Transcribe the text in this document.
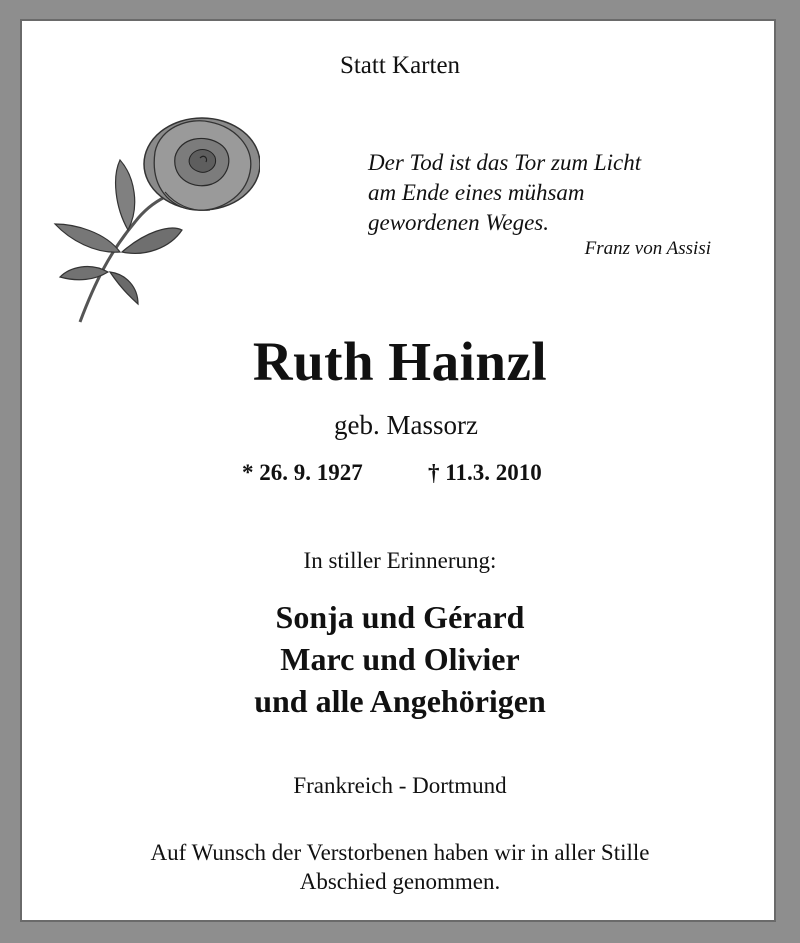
Statt Karten
Der Tod ist das Tor zum Licht
am Ende eines mühsam
gewordenen Weges.
Franz von Assisi
Ruth Hainzl
geb. Massorz
* 26. 9. 1927	† 11.3. 2010
In stiller Erinnerung:
Sonja und Gérard
Marc und Olivier
und alle Angehörigen
Frankreich - Dortmund
Auf Wunsch der Verstorbenen haben wir in aller Stille
Abschied genommen.
